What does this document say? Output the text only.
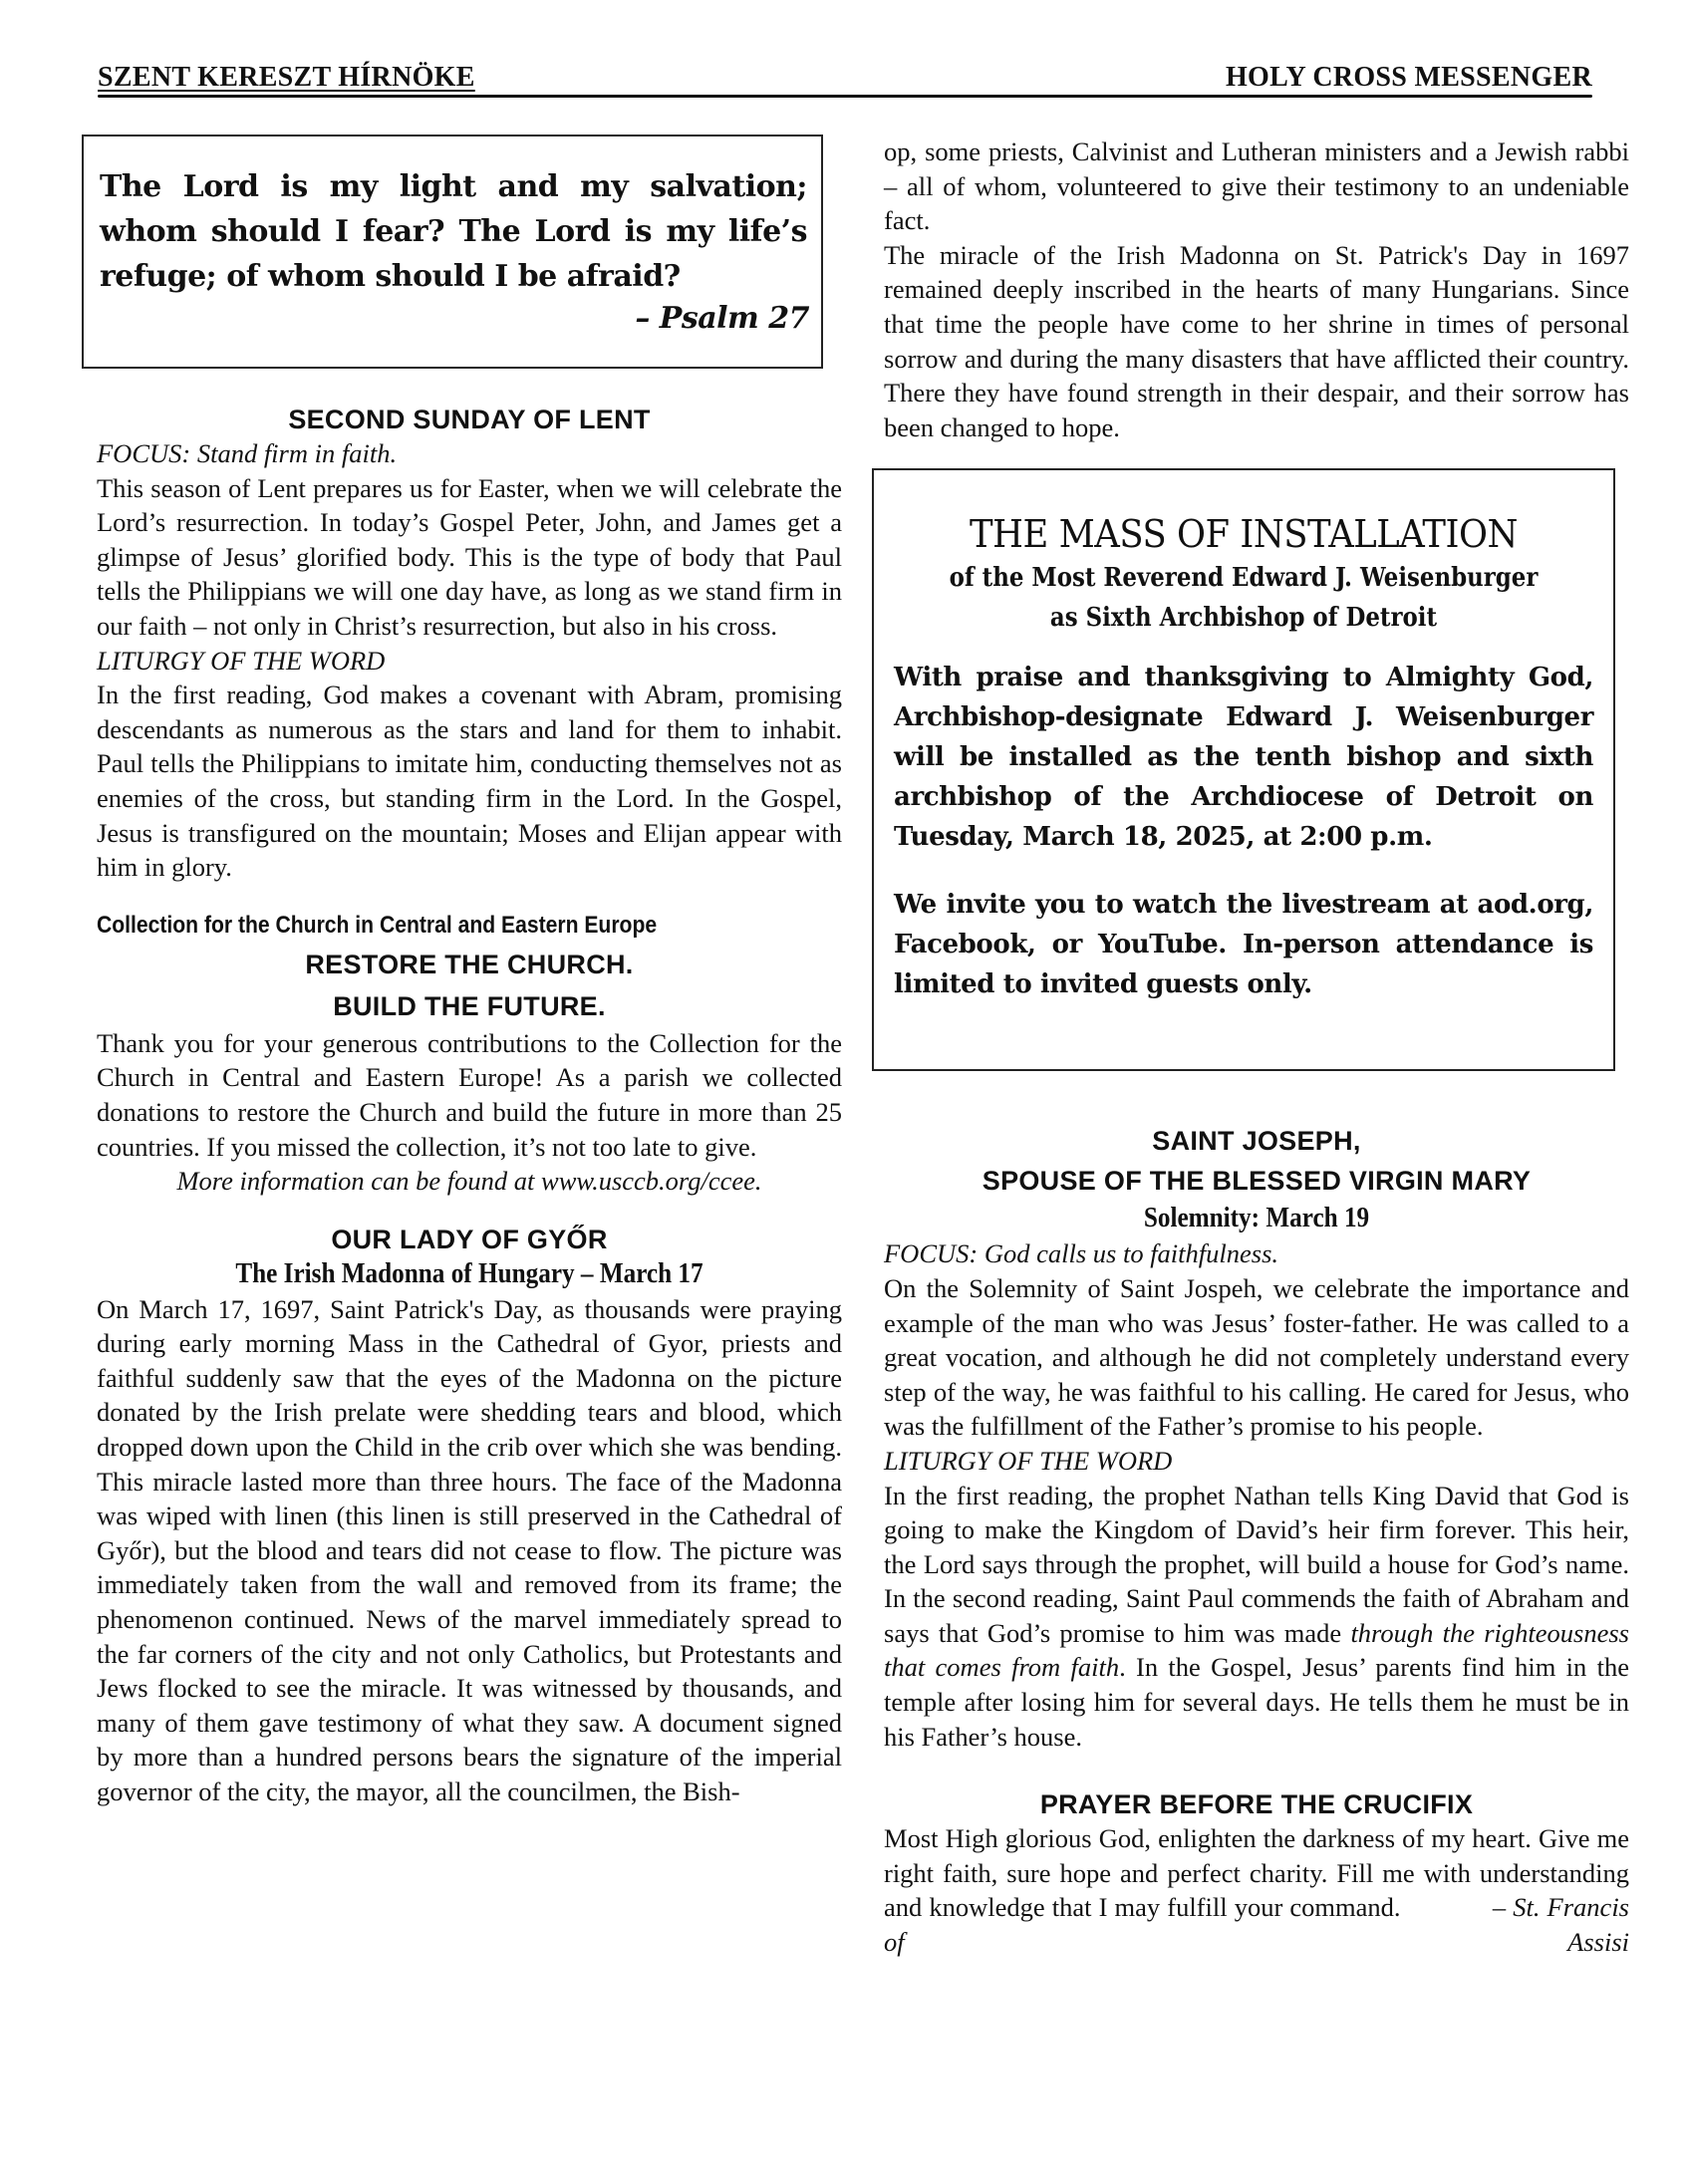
SZENT KERESZT HÍRNÖKE	HOLY CROSS MESSENGER
The Lord is my light and my salvation; whom should I fear? The Lord is my life’s refuge; of whom should I be afraid?
– Psalm 27
SECOND SUNDAY OF LENT
FOCUS: Stand firm in faith.

This season of Lent prepares us for Easter, when we will celebrate the Lord’s resurrection. In today’s Gospel Peter, John, and James get a glimpse of Jesus’ glorified body. This is the type of body that Paul tells the Philippians we will one day have, as long as we stand firm in our faith – not only in Christ’s resurrection, but also in his cross.

LITURGY OF THE WORD

In the first reading, God makes a covenant with Abram, promising descendants as numerous as the stars and land for them to inhabit. Paul tells the Philippians to imitate him, conducting themselves not as enemies of the cross, but standing firm in the Lord. In the Gospel, Jesus is transfigured on the mountain; Moses and Elijan appear with him in glory.

Collection for the Church in Central and Eastern Europe
RESTORE THE CHURCH.
BUILD THE FUTURE.

Thank you for your generous contributions to the Collection for the Church in Central and Eastern Europe! As a parish we collected donations to restore the Church and build the future in more than 25 countries. If you missed the collection, it’s not too late to give.

More information can be found at www.usccb.org/ccee.
OUR LADY OF GYŐR
The Irish Madonna of Hungary – March 17

On March 17, 1697, Saint Patrick's Day, as thousands were praying during early morning Mass in the Cathedral of Gyor, priests and faithful suddenly saw that the eyes of the Madonna on the picture donated by the Irish prelate were shedding tears and blood, which dropped down upon the Child in the crib over which she was bending. This miracle lasted more than three hours. The face of the Madonna was wiped with linen (this linen is still preserved in the Cathedral of Győr), but the blood and tears did not cease to flow. The picture was immediately taken from the wall and removed from its frame; the phenomenon continued. News of the marvel immediately spread to the far corners of the city and not only Catholics, but Protestants and Jews flocked to see the miracle. It was witnessed by thousands, and many of them gave testimony of what they saw. A document signed by more than a hundred persons bears the signature of the imperial governor of the city, the mayor, all the councilmen, the Bish-

op, some priests, Calvinist and Lutheran ministers and a Jewish rabbi – all of whom, volunteered to give their testimony to an undeniable fact.

The miracle of the Irish Madonna on St. Patrick's Day in 1697 remained deeply inscribed in the hearts of many Hungarians. Since that time the people have come to her shrine in times of personal sorrow and during the many disasters that have afflicted their country. There they have found strength in their despair, and their sorrow has been changed to hope.

THE MASS OF INSTALLATION
of the Most Reverend Edward J. Weisenburger
as Sixth Archbishop of Detroit

With praise and thanksgiving to Almighty God, Archbishop-designate Edward J. Weisenburger will be installed as the tenth bishop and sixth archbishop of the Archdiocese of Detroit on Tuesday, March 18, 2025, at 2:00 p.m.

We invite you to watch the livestream at aod.org, Facebook, or YouTube. In-person attendance is limited to invited guests only.

SAINT JOSEPH,
SPOUSE OF THE BLESSED VIRGIN MARY
Solemnity: March 19
FOCUS: God calls us to faithfulness.

On the Solemnity of Saint Jospeh, we celebrate the importance and example of the man who was Jesus’ foster-father. He was called to a great vocation, and although he did not completely understand every step of the way, he was faithful to his calling. He cared for Jesus, who was the fulfillment of the Father’s promise to his people.

LITURGY OF THE WORD

In the first reading, the prophet Nathan tells King David that God is going to make the Kingdom of David’s heir firm forever. This heir, the Lord says through the prophet, will build a house for God’s name. In the second reading, Saint Paul commends the faith of Abraham and says that God’s promise to him was made through the righteousness that comes from faith. In the Gospel, Jesus’ parents find him in the temple after losing him for several days. He tells them he must be in his Father’s house.

PRAYER BEFORE THE CRUCIFIX

Most High glorious God, enlighten the darkness of my heart. Give me right faith, sure hope and perfect charity. Fill me with understanding and knowledge that I may fulfill your command.	– St. Francis of Assisi
